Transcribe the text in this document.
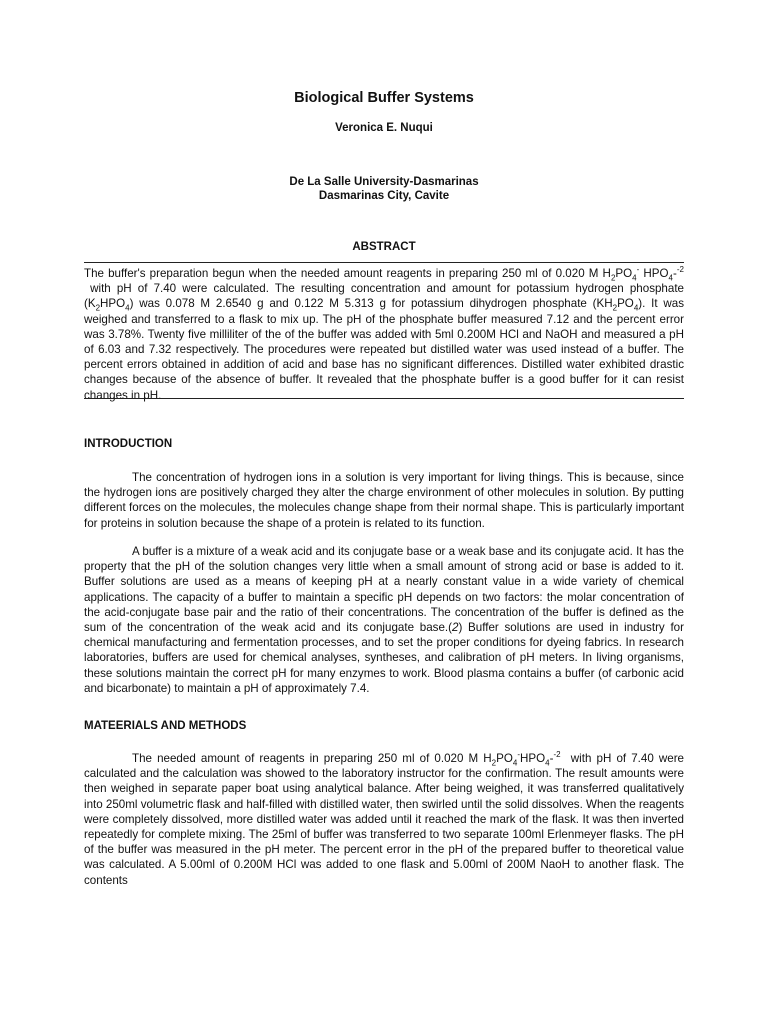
Biological Buffer Systems
Veronica E. Nuqui
De La Salle University-Dasmarinas
Dasmarinas City, Cavite
ABSTRACT

The buffer's preparation begun when the needed amount reagents in preparing 250 ml of 0.020 M $H_2PO_4^-$ $HPO_4-^{-2}$  with pH of 7.40 were calculated. The resulting concentration and amount for potassium hydrogen phosphate $(K_2HPO_4)$ was 0.078 M 2.6540 g and 0.122 M 5.313 g for potassium dihydrogen phosphate $(KH_2PO_4)$. It was weighed and transferred to a flask to mix up. The pH of the phosphate buffer measured 7.12 and the percent error was 3.78%. Twenty five milliliter of the of the buffer was added with 5ml 0.200M HCl and NaOH and measured a pH of 6.03 and 7.32 respectively. The procedures were repeated but distilled water was used instead of a buffer. The percent errors obtained in addition of acid and base has no significant differences. Distilled water exhibited drastic changes because of the absence of buffer. It revealed that the phosphate buffer is a good buffer for it can resist changes in pH.

INTRODUCTION

The concentration of hydrogen ions in a solution is very important for living things. This is because, since the hydrogen ions are positively charged they alter the charge environment of other molecules in solution. By putting different forces on the molecules, the molecules change shape from their normal shape. This is particularly important for proteins in solution because the shape of a protein is related to its function.

A buffer is a mixture of a weak acid and its conjugate base or a weak base and its conjugate acid. It has the property that the pH of the solution changes very little when a small amount of strong acid or base is added to it. Buffer solutions are used as a means of keeping pH at a nearly constant value in a wide variety of chemical applications. The capacity of a buffer to maintain a specific pH depends on two factors: the molar concentration of the acid-conjugate base pair and the ratio of their concentrations. The concentration of the buffer is defined as the sum of the concentration of the weak acid and its conjugate base.(2) Buffer solutions are used in industry for chemical manufacturing and fermentation processes, and to set the proper conditions for dyeing fabrics. In research laboratories, buffers are used for chemical analyses, syntheses, and calibration of pH meters. In living organisms, these solutions maintain the correct pH for many enzymes to work. Blood plasma contains a buffer (of carbonic acid and bicarbonate) to maintain a pH of approximately 7.4.

MATEERIALS AND METHODS

The needed amount of reagents in preparing 250 ml of 0.020 M $H_2PO_4^-HPO_4-^{-2}$ with pH of 7.40 were calculated and the calculation was showed to the laboratory instructor for the confirmation. The result amounts were then weighed in separate paper boat using analytical balance. After being weighed, it was transferred qualitatively into 250ml volumetric flask and half-filled with distilled water, then swirled until the solid dissolves. When the reagents were completely dissolved, more distilled water was added until it reached the mark of the flask. It was then inverted repeatedly for complete mixing. The 25ml of buffer was transferred to two separate 100ml Erlenmeyer flasks. The pH of the buffer was measured in the pH meter. The percent error in the pH of the prepared buffer to theoretical value was calculated. A 5.00ml of 0.200M HCl was added to one flask and 5.00ml of 200M NaoH to another flask. The contents
